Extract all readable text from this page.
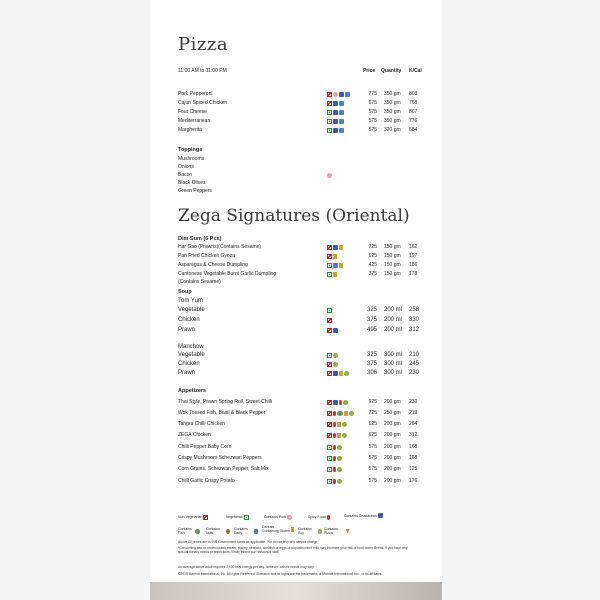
Pizza
11:00 AM to 11:00 PM	Price Quantity K/Cal
Pork Pepperoni	775 350 gm 803
Cajun Spiced Chicken	675 350 gm 768
Four Cheese	575 350 gm 867
Mediterranean	575 350 gm 776
Margherita	575 320 gm 684
Toppings
Mushrooms
Onions
Bacon
Black Olives
Green Peppers
Zega Signatures (Oriental)
Dim Sum (6 Pcs)
Har Gao (Prawns)(Contains Sesame)	725 150 gm 162
Pan Fried Chicken Gyoza	625 150 gm 197
Asparagus & Cheese Dumpling	425 150 gm 186
Cantonese Vegetable Burnt Garlic Dumpling	375 150 gm 178
(Contains Sesame)
Soup
Tom Yum
Vegetable	325 200 ml 258
Chicken	375 200 ml 330
Prawn	495 200 ml 312
Manchow
Vegetable	325 300 ml 210
Chicken	375 300 ml 245
Prawn	306 300 ml 230
Appetizers
Thai Style, Prawn Spring Roll, Sweet Chilli	925 200 gm 230
Wok Tossed Fish, Basil & Black Pepper	725 250 gm 219
Tangra Chilli Chicken	625 200 gm 264
ZEGA Chicken	625 200 gm 312
Chilli Pepper Baby Corn	575 200 gm 168
Crispy Mushroom Schezwan Peppers	575 200 gm 168
Corn Grains, Schezwan Pepper, Salt Mix	575 200 gm 125
Chilli Garlic Crispy Potato	575 200 gm 176
Non-Vegetarian	Vegetarian	Contains Pork	Spicy Food	Contains Crustacean
Contains Fish
Contains Nuts
Contains Dairy
Cereals Containing Gluten Contains Soy
Contains Pizza
Above All prices are in INR Government taxes as applicable. We do not levy any service charge.
*Consuming raw or undercooked meats, poultry, seafood, shellfish or eggs or unpasteurized milk may increase your risk of food borne illness. If you have any special dietary needs or restrictions, kindly inform our restaurant staff.
An average active adult requires 2,000 kcal energy per day, however, calorie needs may vary.
©2019 Marriott International, Inc. All rights Reserved. Sheraton and its logos are the trademarks of Marriott International, Inc., or its affiliates.
